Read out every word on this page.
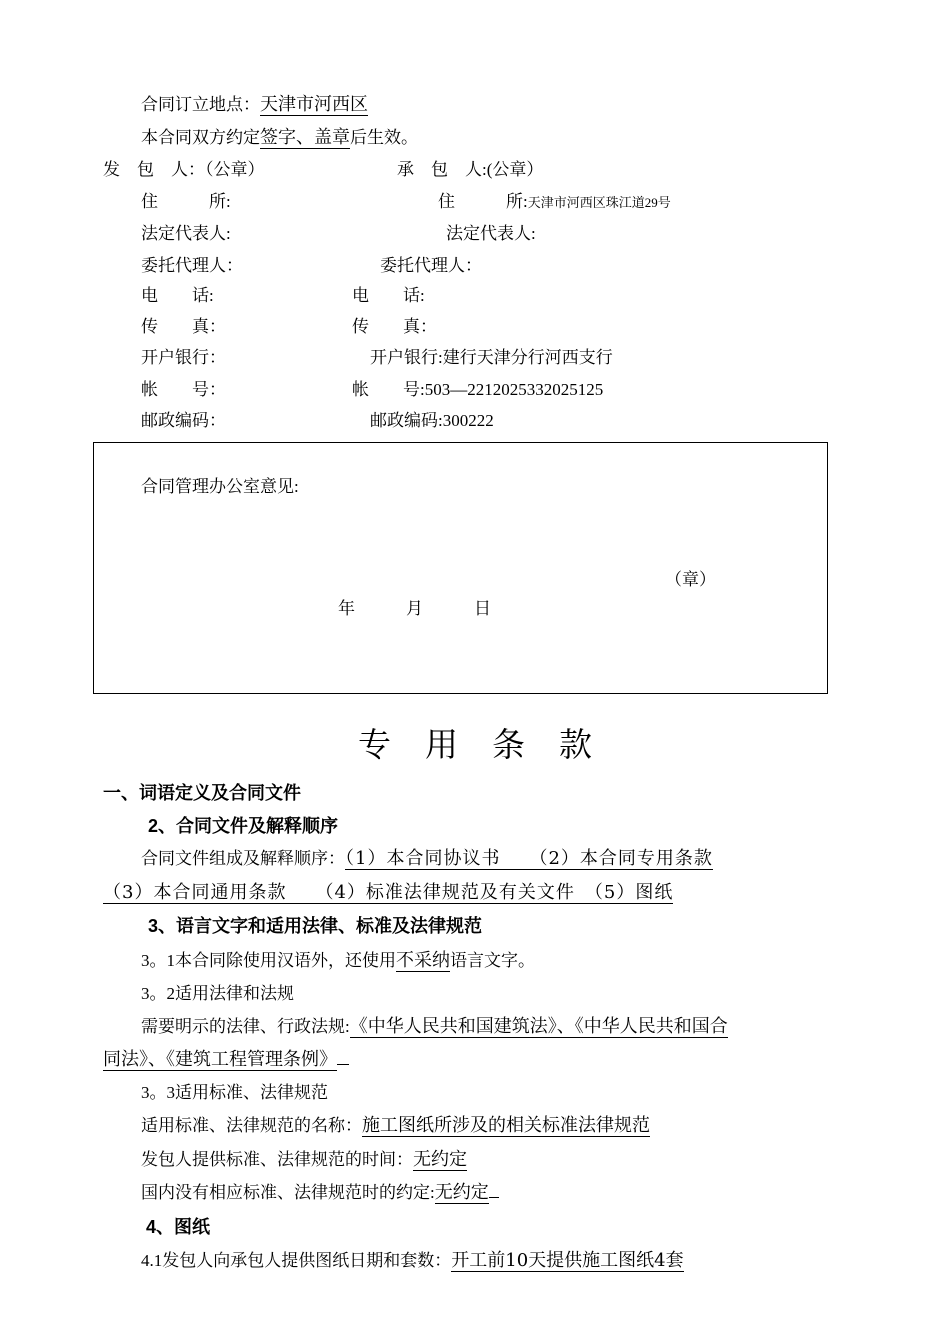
合同订立地点：天津市河西区
本合同双方约定签字、盖章后生效。
发　包　人：（公章）	承　包　人:(公章）
住　　　所:	住　　　所:天津市河西区珠江道29号
法定代表人:	法定代表人:
委托代理人：	委托代理人：
电　　话:	电　　话:
传　　真：	传　　真：
开户银行：	开户银行:建行天津分行河西支行
帐　　号：	帐　　号:503—2212025332025125
邮政编码：	邮政编码:300222
合同管理办公室意见:
（章）
年　　　月　　　日
专用条款
一、词语定义及合同文件
2、合同文件及解释顺序
合同文件组成及解释顺序：（1）本合同协议书　　（2）本合同专用条款
（3）本合同通用条款　　（4）标准法律规范及有关文件　（5）图纸
3、语言文字和适用法律、标准及法律规范
3。1本合同除使用汉语外，还使用不采纳语言文字。
3。2适用法律和法规
需要明示的法律、行政法规:《中华人民共和国建筑法》、《中华人民共和国合
同法》、《建筑工程管理条例》
3。3适用标准、法律规范
适用标准、法律规范的名称：施工图纸所涉及的相关标准法律规范
发包人提供标准、法律规范的时间：无约定
国内没有相应标准、法律规范时的约定:无约定
4、图纸
4.1发包人向承包人提供图纸日期和套数：开工前10天提供施工图纸4套
